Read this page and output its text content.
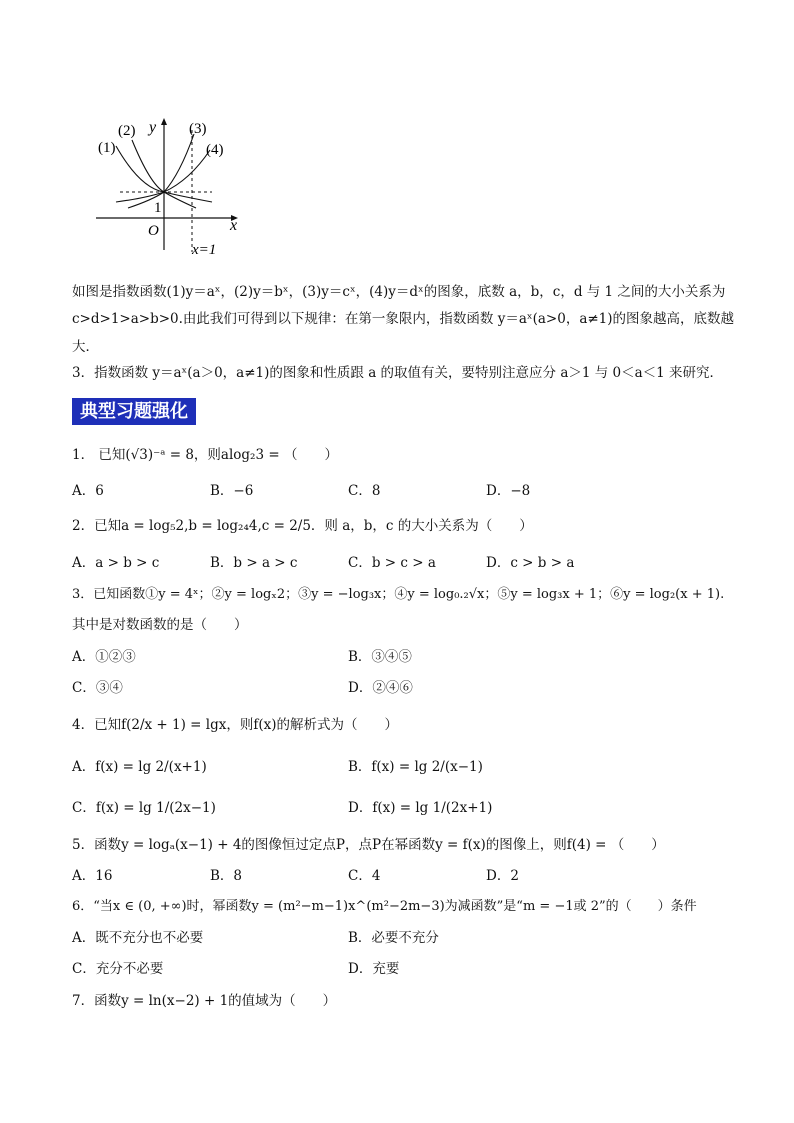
(1)
(2)	(3)
(4)
y
x
O
1
x=1
如图是指数函数(1)y＝aˣ，(2)y＝bˣ，(3)y＝cˣ，(4)y＝dˣ的图象，底数 a，b，c，d 与 1 之间的大小关系为
c>d>1>a>b>0.由此我们可得到以下规律：在第一象限内，指数函数 y＝aˣ(a>0，a≠1)的图象越高，底数越
大．
3．指数函数 y＝aˣ(a＞0，a≠1)的图象和性质跟 a 的取值有关，要特别注意应分 a＞1 与 0＜a＜1 来研究．
典型习题强化
1． 已知(√3)⁻ᵃ = 8，则alog₂3 = （　　）
A．6	B．−6	C．8	D．−8
2．已知a = log₅2,b = log₂₄4,c = 2/5．则 a，b，c 的大小关系为（　　）
A．a > b > c	B．b > a > c	C．b > c > a	D．c > b > a
3．已知函数①y = 4ˣ；②y = logₓ2；③y = −log₃x；④y = log₀.₂√x；⑤y = log₃x + 1；⑥y = log₂(x + 1).
其中是对数函数的是（　　）
A．①②③	B．③④⑤
C．③④	D．②④⑥
4．已知f(2/x + 1) = lgx，则f(x)的解析式为（　　）
A．f(x) = lg 2/(x+1)	B．f(x) = lg 2/(x−1)
C．f(x) = lg 1/(2x−1)	D．f(x) = lg 1/(2x+1)
5．函数y = logₐ(x−1) + 4的图像恒过定点P，点P在幂函数y = f(x)的图像上，则f(4) = （　　）
A．16	B．8	C．4	D．2
6．“当x ∈ (0, +∞)时，幂函数y = (m²−m−1)x^(m²−2m−3)为减函数”是“m = −1或 2”的（　　）条件
A．既不充分也不必要	B．必要不充分
C．充分不必要	D．充要
7．函数y = ln(x−2) + 1的值域为（　　）
